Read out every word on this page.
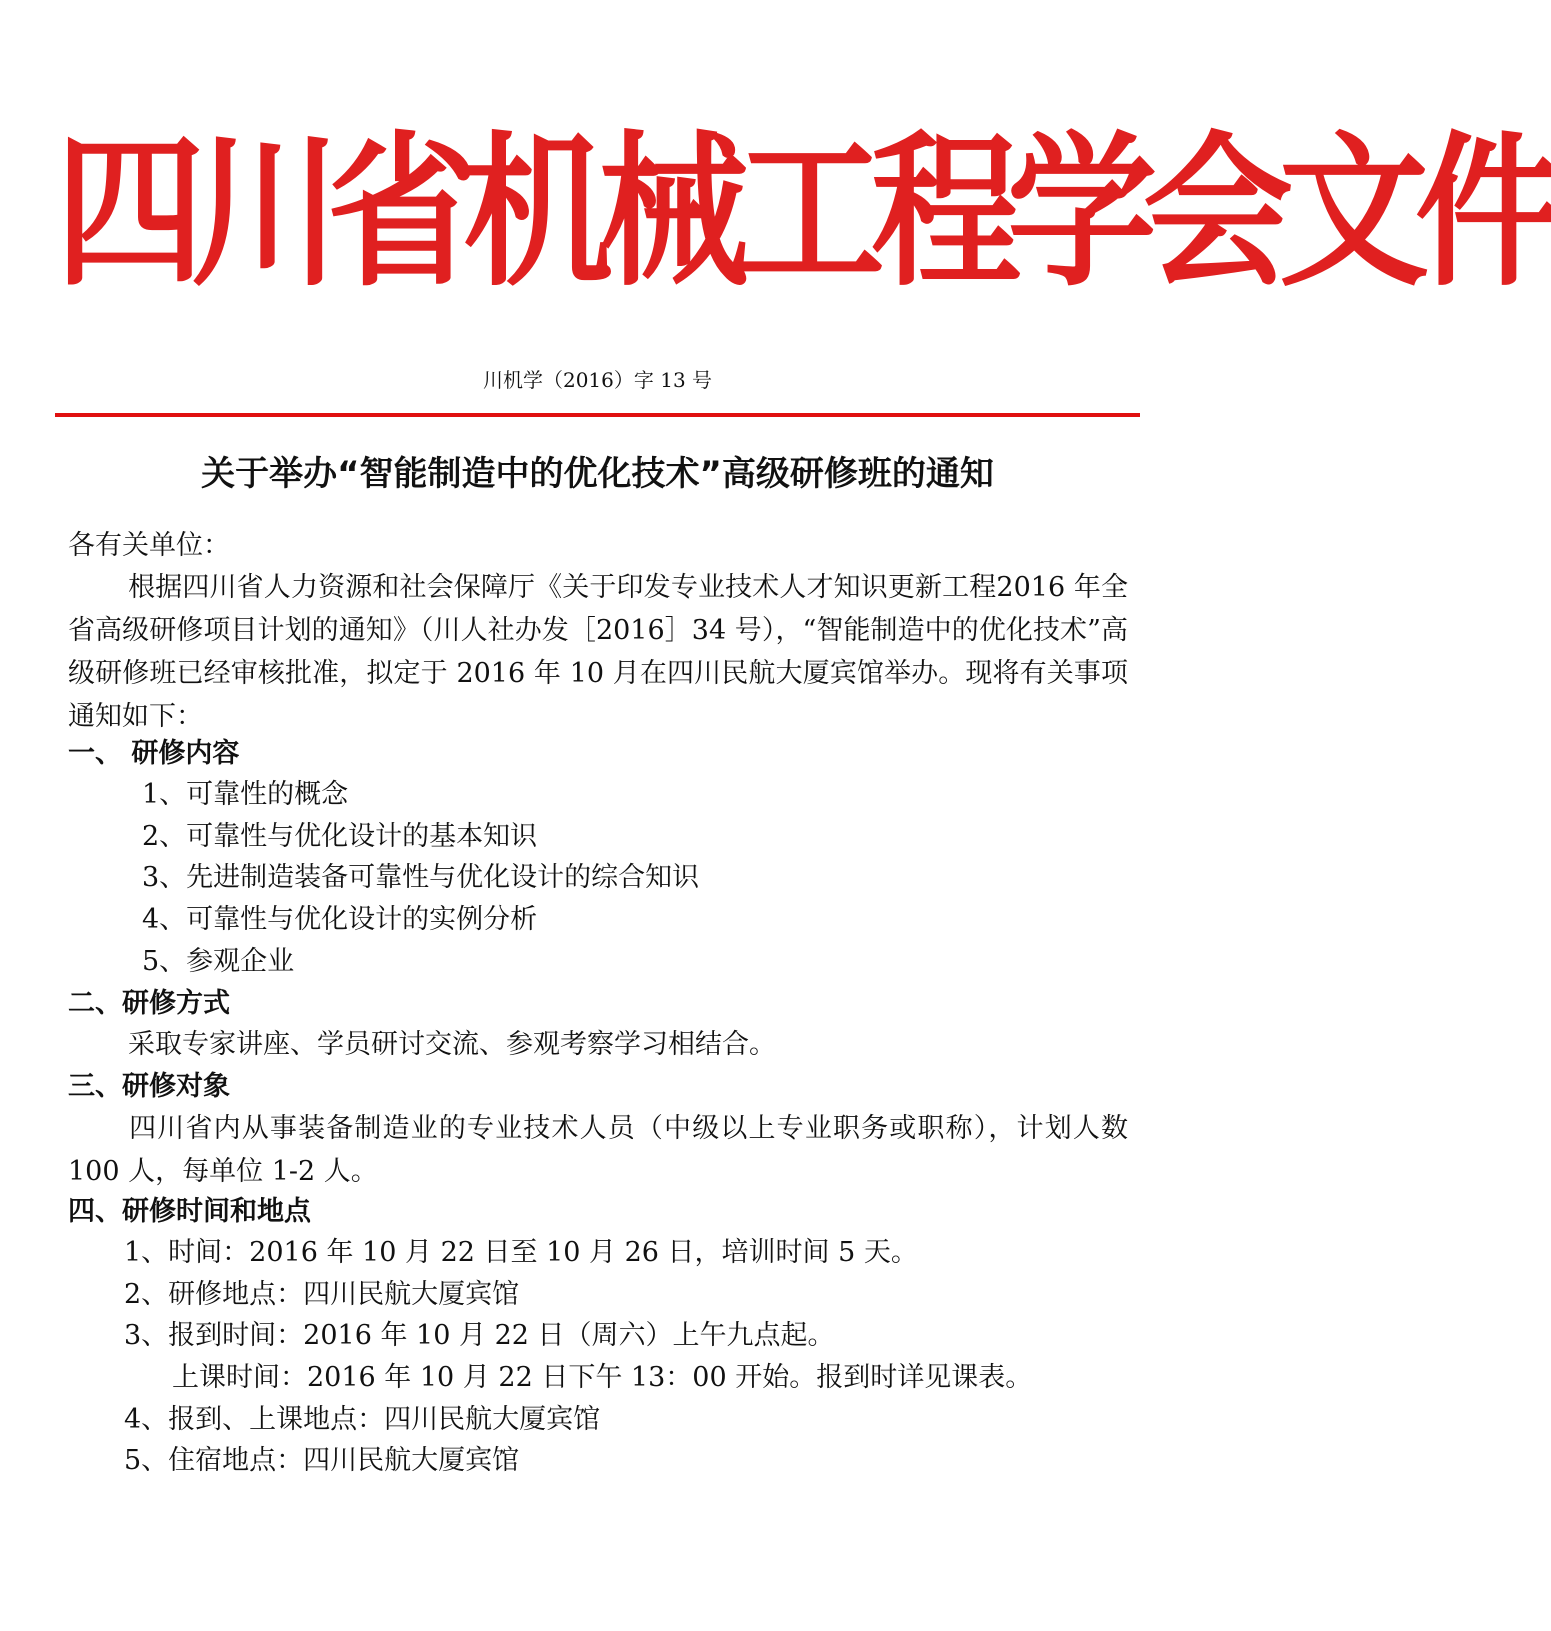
四川省机械工程学会文件
川机学（2016）字 13 号
关于举办“智能制造中的优化技术”高级研修班的通知
各有关单位：
根据四川省人力资源和社会保障厅《关于印发专业技术人才知识更新工程2016 年全省高级研修项目计划的通知》（川人社办发［2016］34 号），“智能制造中的优化技术”高级研修班已经审核批准，拟定于 2016 年 10 月在四川民航大厦宾馆举办。现将有关事项通知如下：
一、 研修内容
1、可靠性的概念
2、可靠性与优化设计的基本知识
3、先进制造装备可靠性与优化设计的综合知识
4、可靠性与优化设计的实例分析
5、参观企业
二、研修方式
采取专家讲座、学员研讨交流、参观考察学习相结合。
三、研修对象
四川省内从事装备制造业的专业技术人员（中级以上专业职务或职称），计划人数 100 人，每单位 1-2 人。
四、研修时间和地点
1、时间：2016 年 10 月 22 日至 10 月 26 日，培训时间 5 天。
2、研修地点：四川民航大厦宾馆
3、报到时间：2016 年 10 月 22 日（周六）上午九点起。
上课时间：2016 年 10 月 22 日下午 13：00 开始。报到时详见课表。
4、报到、上课地点：四川民航大厦宾馆
5、住宿地点：四川民航大厦宾馆
